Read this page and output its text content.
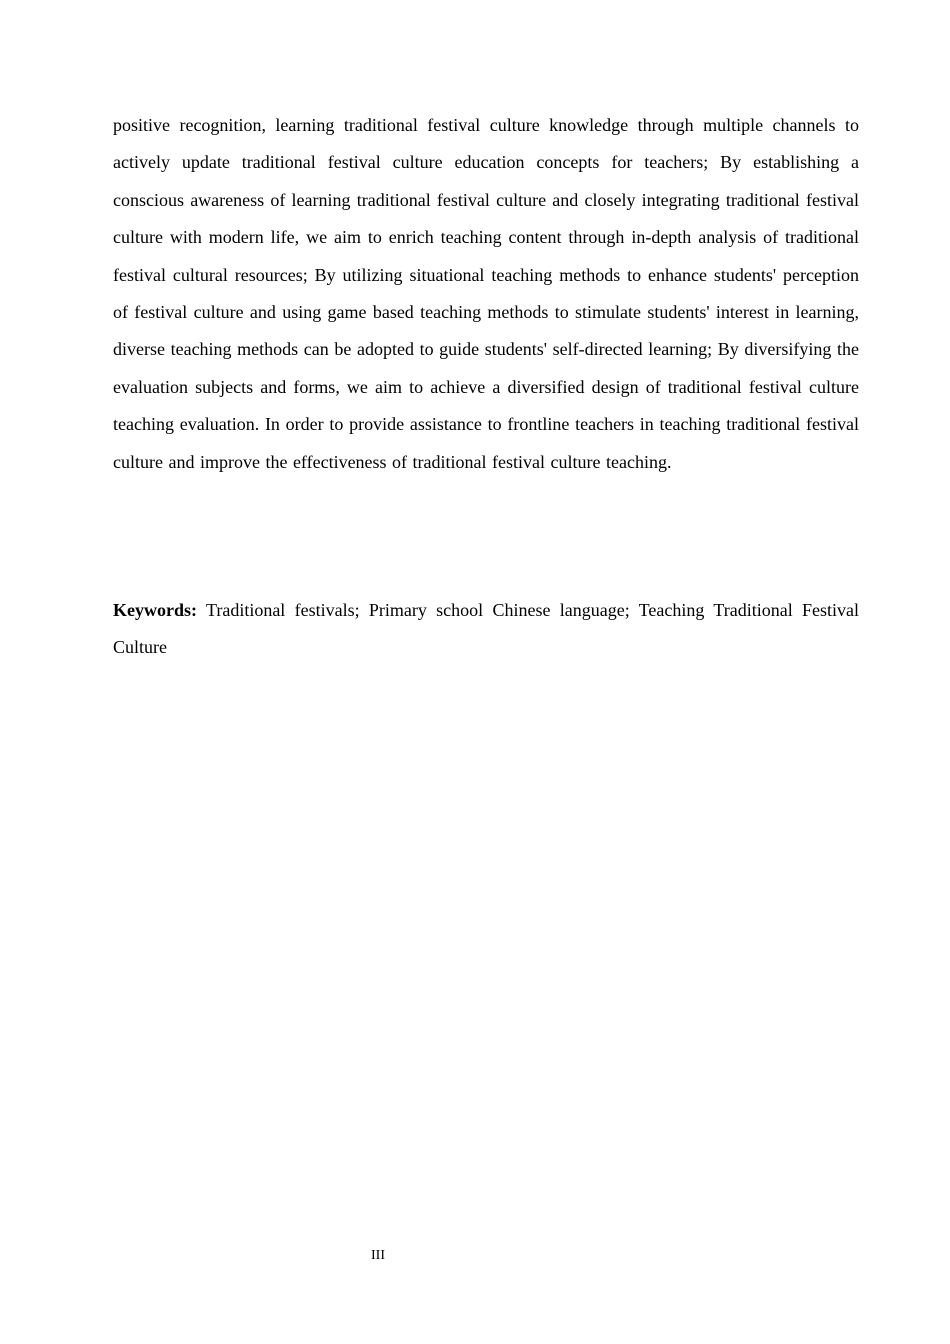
positive recognition, learning traditional festival culture knowledge through multiple channels to actively update traditional festival culture education concepts for teachers; By establishing a conscious awareness of learning traditional festival culture and closely integrating traditional festival culture with modern life, we aim to enrich teaching content through in-depth analysis of traditional festival cultural resources; By utilizing situational teaching methods to enhance students' perception of festival culture and using game based teaching methods to stimulate students' interest in learning, diverse teaching methods can be adopted to guide students' self-directed learning; By diversifying the evaluation subjects and forms, we aim to achieve a diversified design of traditional festival culture teaching evaluation. In order to provide assistance to frontline teachers in teaching traditional festival culture and improve the effectiveness of traditional festival culture teaching.

Keywords: Traditional festivals; Primary school Chinese language; Teaching Traditional Festival Culture

III
